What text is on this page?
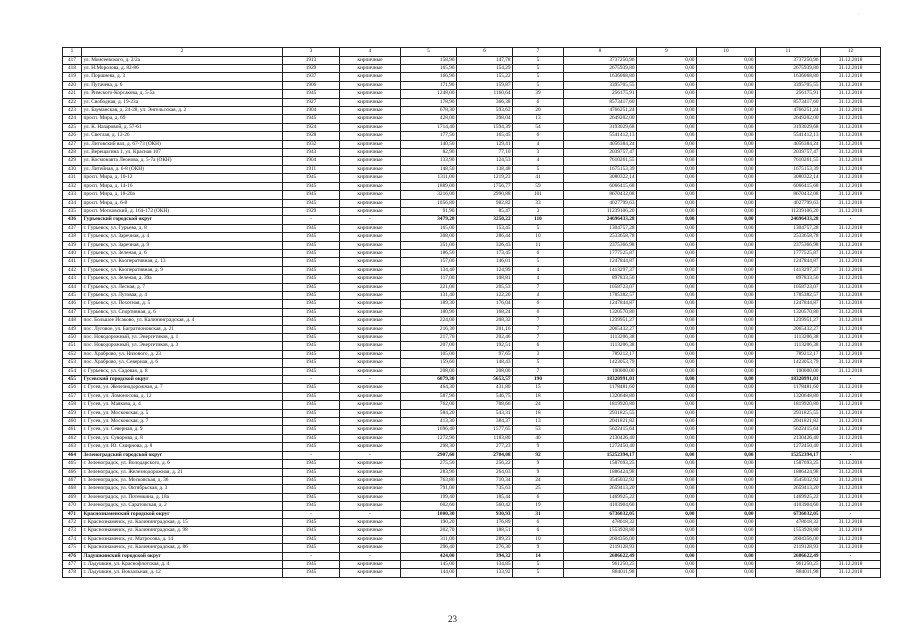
`
1	2	3	4	5	6	7	8	9	10	11	12
417	ул. Моисеевского, д. 2/2а	1913	кирпичные	158,90	147,78	5	3737250,96	0,00	0,00	3737250,96	31.12.2018
418	ул. Н.Морозова, д. 82-86	1929	кирпичные	165,90	154,29	5	2675939,80	0,00	0,00	2675939,80	31.12.2018
419	ул. Поршнева, д. 3	1937	кирпичные	166,90	155,22	5	1636068,80	0,00	0,00	1636068,80	31.12.2018
420	ул. Пугачева, д. 6	1906	кирпичные	171,90	159,87	5	3395705,55	0,00	0,00	3395705,55	31.12.2018
421	ул. Римского-Корсакова, д. 5-5а	1945	кирпичные	1248,00	1160,64	39	256175,91	0,00	0,00	256175,91	31.12.2018
422	ул. Свободная, д. 19-23а	1927	кирпичные	178,90	366,38	6	8573417,60	0,00	0,00	8573417,60	31.12.2018
423	ул. Бауманская, д. 24-28, ул. Энгельсская, д. 2	1904	кирпичные	678,30	593,62	20	4766251,24	0,00	0,00	4766251,24	31.12.2018
424	просп. Мира, д. 69	1945	кирпичные	428,00	398,04	13	2649202,00	0,00	0,00	2649202,00	31.12.2018
425	ул. К. Назаровой, д. 57-61	1924	кирпичные	1714,40	1594,39	54	3193029,68	0,00	0,00	3193029,68	31.12.2018
426	ул. Светлая, д. 12-26	1928	кирпичные	177,50	165,45	6	5541412,13	0,00	0,00	5541412,13	31.12.2018
427	ул. Литовский вал, д. 67-73 (ОКН)	1932	кирпичные	140,50	129,41	4	4056384,24	0,00	0,00	4056384,24	31.12.2018
428	ул. Верещагина 1, ул. Красная 107	1943	кирпичные	82,90	77,10	3	2039757,47	0,00	0,00	2039757,47	31.12.2018
429	ул. Космонавта Леонова, д. 5-7а (ОКН)	1904	кирпичные	133,90	124,53	4	7610261,55	0,00	0,00	7610261,55	31.12.2018
430	ул. Литейная, д. 6-8 (ОКН)	1911	кирпичные	148,50	138,48	5	1675153,39	0,00	0,00	1675153,39	31.12.2018
431	просп. Мира, д. 10-12	1945	кирпичные	1311,00	1219,23	41	3080322,14	0,00	0,00	3080322,14	31.12.2018
432	просп. Мира, д. 14-16	1945	кирпичные	1889,00	1756,77	59	6066415,68	0,00	0,00	6066415,68	31.12.2018
433	просп. Мира, д. 18-20а	1945	кирпичные	3216,00	2990,88	101	8670432,08	0,00	0,00	8670432,08	31.12.2018
434	просп. Мира, д. 6-8	1945	кирпичные	1056,80	982,82	33	4027799,63	0,00	0,00	4027799,63	31.12.2018
435	просп. Московский, д. 164-172 (ОКН)	1929	кирпичные	91,90	85,47	3	11239106,20	0,00	0,00	11239106,20	31.12.2018
436	Гурьевский городской округ	-	-	3479,20	3250,22	110	24696433,28	0,00	0,00	24696433,28	-
437	г. Гурьевск, ул. Гурьева, д. 8	1945	кирпичные	165,00	153,45	5	1304757,28	0,00	0,00	1304757,28	31.12.2018
438	г. Гурьевск, ул. Заречная, д. 4	1945	кирпичные	308,00	286,44	10	2533658,78	0,00	0,00	2533658,78	31.12.2018
439	г. Гурьевск, ул. Заречная, д. 9	1945	кирпичные	351,00	326,43	11	2375366,98	0,00	0,00	2375366,98	31.12.2018
440	г. Гурьевск, ул. Зеленая, д. 6	1945	кирпичные	186,50	173,45	6	1777525,87	0,00	0,00	1777525,87	31.12.2018
441	г. Гурьевск, ул. Кооперативная, д. 13	1945	кирпичные	157,00	146,01	5	1247844,87	0,00	0,00	1247844,87	31.12.2018
442	г. Гурьевск, ул. Кооперативная, д. 9	1945	кирпичные	134,40	124,99	4	1413297,37	0,00	0,00	1413297,37	31.12.2018
443	г. Гурьевск, ул. Зеленая, д. 39а	1945	кирпичные	117,00	108,81	4	897833,56	0,00	0,00	897833,56	31.12.2018
444	г. Гурьевск, ул. Лесная, д. 7	1945	кирпичные	221,00	205,53	7	1058723,07	0,00	0,00	1058723,07	31.12.2018
445	г. Гурьевск, ул. Луговая, д. 4	1945	кирпичные	131,40	122,20	4	1785382,57	0,00	0,00	1785382,57	31.12.2018
446	г. Гурьевск, ул. Пехотная, д. 5	1945	кирпичные	189,30	176,04	6	1247844,87	0,00	0,00	1247844,87	31.12.2018
447	г. Гурьевск, ул. Спортивная, д. 6	1945	кирпичные	180,90	168,24	6	1320570,80	0,00	0,00	1320570,80	31.12.2018
448	пос. Большое Исаково, ул. Калининградская, д. 4	1945	кирпичные	224,00	208,32	7	1239951,27	0,00	0,00	1239951,27	31.12.2018
449	пос. Луговое, ул. Багратионовская, д. 21	1945	кирпичные	216,30	201,16	7	2065432,27	0,00	0,00	2065432,27	31.12.2018
450	пос. Новодорожный, ул. Энергетиков, д. 1	1945	кирпичные	217,70	202,46	7	1113206,38	0,00	0,00	1113206,38	31.12.2018
451	пос. Новодорожный, ул. Энергетиков, д. 3	1945	кирпичные	207,00	192,51	6	1113206,38	0,00	0,00	1113206,38	31.12.2018
452	пос. Храброво, ул. Низового, д. 23	1945	кирпичные	105,00	97,65	3	789212,17	0,00	0,00	789212,17	31.12.2018
453	пос. Храброво, ул. Северная, д. 6	1945	кирпичные	159,60	148,43	5	1423053,79	0,00	0,00	1423053,79	31.12.2018
454	г. Гурьевск, ул. Садовая, д. 8	1945	кирпичные	208,00	208,00	7	100000,00	0,00	0,00	100000,00	31.12.2018
455	Гусевский городской округ	-	-	6079,30	5653,57	190	18320991,01	0,00	0,00	18320991,01	-
456	г. Гусев, ул. Железнодорожная, д. 7	1945	кирпичные	464,30	431,80	15	1178481,60	0,00	0,00	1178481,60	31.12.2018
457	г. Гусев, ул. Ломоносова, д. 12	1945	кирпичные	587,90	546,75	18	1320648,80	0,00	0,00	1320648,80	31.12.2018
458	г. Гусев, ул. Маякова, д. 4	1945	кирпичные	762,00	708,66	24	1819920,80	0,00	0,00	1819920,80	31.12.2018
459	г. Гусев, ул. Московская, д. 5	1945	кирпичные	584,20	543,31	18	2931825,55	0,00	0,00	2931825,55	31.12.2018
460	г. Гусев, ул. Московская, д. 7	1945	кирпичные	413,30	384,37	13	2041821,82	0,00	0,00	2041821,82	31.12.2018
461	г. Гусев, ул. Северная, д. 9	1945	кирпичные	1696,40	1577,65	53	5622415,64	0,00	0,00	5622415,64	31.12.2018
462	г. Гусев, ул. Суворова, д. 8	1945	кирпичные	1272,90	1183,80	40	2130426,40	0,00	0,00	2130426,40	31.12.2018
463	г. Гусев, ул. Ю. Смирнова, д. 8	1945	кирпичные	298,30	277,23	9	1272450,40	0,00	0,00	1272450,40	31.12.2018
464	Зеленоградский городской округ	-	-	2907,60	2704,08	92	15252394,17	0,00	0,00	15252394,17	-
465	г. Зеленоградск, ул. Володарского, д. 6	1945	кирпичные	275,50	256,22	9	1587693,25	0,00	0,00	1587693,25	31.12.2018
466	г. Зеленоградск, ул. Железнодорожная, д. 21	1945	кирпичные	283,90	264,03	9	1886424,98	0,00	0,00	1886424,98	31.12.2018
467	г. Зеленоградск, ул. Московская, д. 36	1945	кирпичные	763,80	710,34	24	3545032,92	0,00	0,00	3545032,92	31.12.2018
468	г. Зеленоградск, ул. Октябрьская, д. 3	1945	кирпичные	791,00	735,63	25	2659413,20	0,00	0,00	2659413,20	31.12.2018
469	г. Зеленоградск, ул. Потемкина, д. 18а	1945	кирпичные	199,40	185,44	6	1469925,22	0,00	0,00	1469925,22	31.12.2018
470	г. Зеленоградск, ул. Саратовская, д. 2	1945	кирпичные	602,60	560,42	19	4103904,60	0,00	0,00	4103904,60	31.12.2018
471	Краснознаменский городской округ	-	-	1000,30	930,93	31	6736032,05	0,00	0,00	6736032,05	-
472	г. Краснознаменск, ул. Калининградская, д. 15	1945	кирпичные	190,20	176,89	6	478618,32	0,00	0,00	478618,32	31.12.2018
473	г. Краснознаменск, ул. Калининградская, д. 98	1945	кирпичные	202,70	188,51	6	1553928,80	0,00	0,00	1553928,80	31.12.2018
474	г. Краснознаменск, ул. Матросова, д. 14	1945	кирпичные	311,00	289,23	10	2604356,00	0,00	0,00	2604356,00	31.12.2018
475	г. Краснознаменск, ул. Калининградская, д. 86	1945	кирпичные	296,40	276,30	9	2119128,93	0,00	0,00	2119128,93	31.12.2018
476	Ладушкинский городской округ	-	-	424,00	394,32	14	2686622,49	0,00	0,00	2686622,49	-
477	г. Ладушкин, ул. Краснофлотская, д. 4	1945	кирпичные	145,00	134,85	5	961250,25	0,00	0,00	961250,25	31.12.2018
478	г. Ладушкин, ул. Вокзальная, д. 12	1945	кирпичные	144,00	133,92	5	884011,98	0,00	0,00	884011,98	31.12.2018
23
